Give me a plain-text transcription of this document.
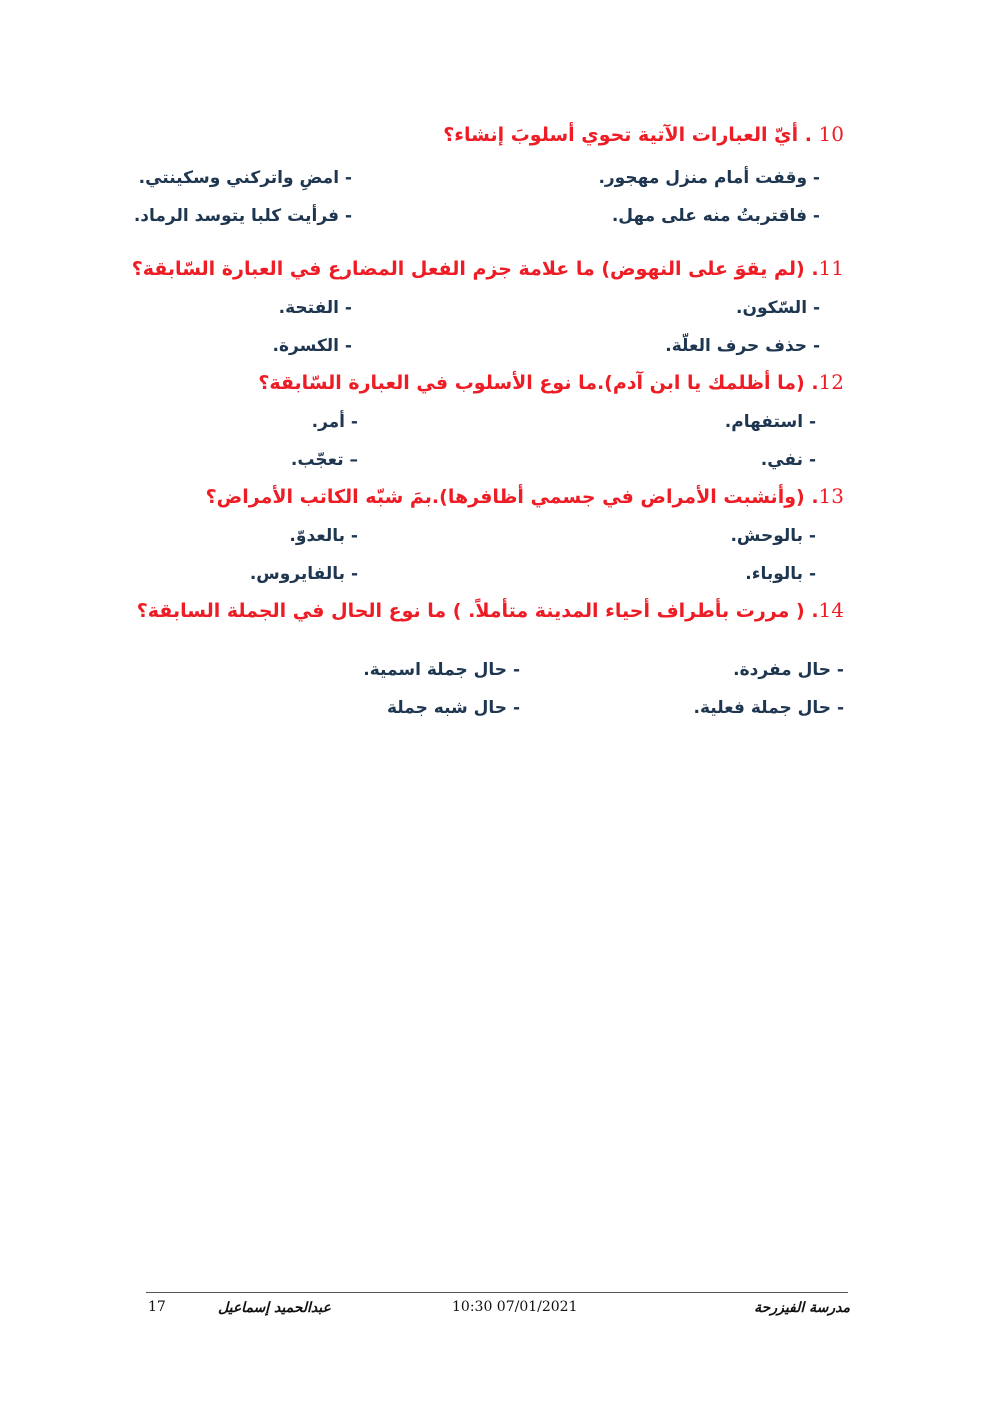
10 . أيّ العبارات الآتية تحوي أسلوبَ إنشاء؟
- وقفت أمام منزل مهجور.
- امضِ واتركني وسكينتي.
- فاقتربتُ منه على مهل.
- فرأيت كلبا يتوسد الرماد.
11. (لم يقوَ على النهوض) ما علامة جزم الفعل المضارع في العبارة السّابقة؟
- السّكون.
- الفتحة.
- حذف حرف العلّة.
- الكسرة.
12. (ما أظلمك يا ابن آدم).ما نوع الأسلوب في العبارة السّابقة؟
- استفهام.
- أمر.
- نفي.
– تعجّب.
13. (وأنشبت الأمراض في جسمي أظافرها).بمَ شبّه الكاتب الأمراض؟
- بالوحش.
- بالعدوّ.
- بالوباء.
- بالفايروس.
14. ( مررت بأطراف أحياء المدينة متأملاً. ) ما نوع الحال في الجملة السابقة؟
- حال مفردة.
- حال جملة اسمية.
- حال جملة فعلية.
- حال شبه جملة
17	عبدالحميد إسماعيل	10:30 07/01/2021	مدرسة الفيزرحة
